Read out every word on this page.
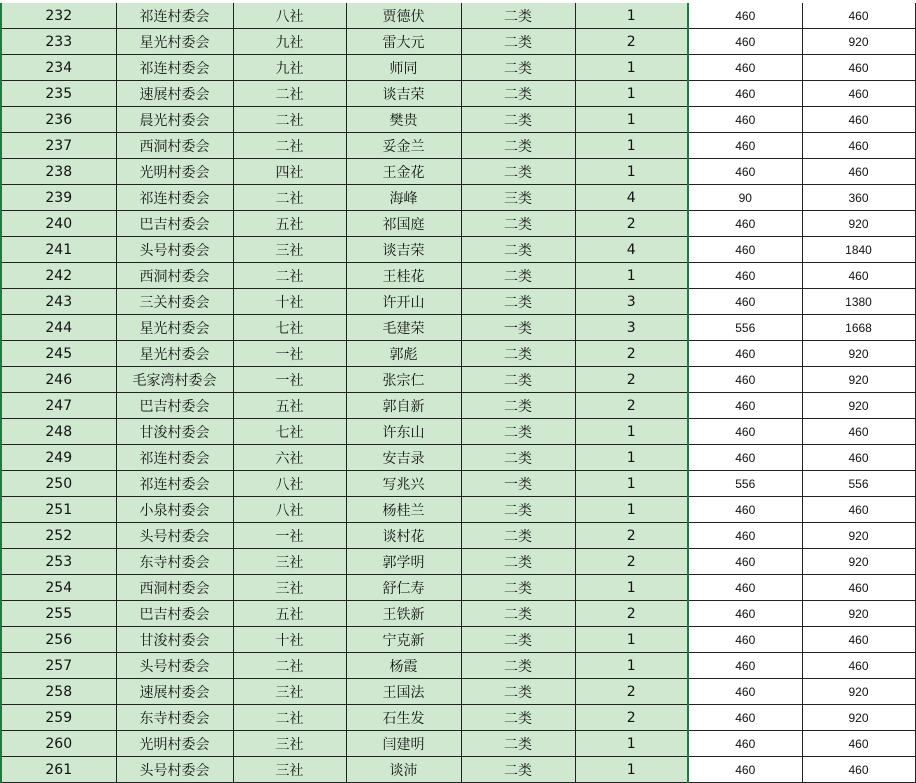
232	祁连村委会	八社	贾德伏	二类	1	460	460
233	星光村委会	九社	雷大元	二类	2	460	920
234	祁连村委会	九社	师同	二类	1	460	460
235	速展村委会	二社	谈吉荣	二类	1	460	460
236	晨光村委会	二社	樊贵	二类	1	460	460
237	西洞村委会	二社	妥金兰	二类	1	460	460
238	光明村委会	四社	王金花	二类	1	460	460
239	祁连村委会	二社	海峰	三类	4	90	360
240	巴吉村委会	五社	祁国庭	二类	2	460	920
241	头号村委会	三社	谈吉荣	二类	4	460	1840
242	西洞村委会	二社	王桂花	二类	1	460	460
243	三关村委会	十社	许开山	二类	3	460	1380
244	星光村委会	七社	毛建荣	一类	3	556	1668
245	星光村委会	一社	郭彪	二类	2	460	920
246	毛家湾村委会	一社	张宗仁	二类	2	460	920
247	巴吉村委会	五社	郭自新	二类	2	460	920
248	甘浚村委会	七社	许东山	二类	1	460	460
249	祁连村委会	六社	安吉录	二类	1	460	460
250	祁连村委会	八社	写兆兴	一类	1	556	556
251	小泉村委会	八社	杨桂兰	二类	1	460	460
252	头号村委会	一社	谈村花	二类	2	460	920
253	东寺村委会	三社	郭学明	二类	2	460	920
254	西洞村委会	三社	舒仁寿	二类	1	460	460
255	巴吉村委会	五社	王铁新	二类	2	460	920
256	甘浚村委会	十社	宁克新	二类	1	460	460
257	头号村委会	二社	杨霞	二类	1	460	460
258	速展村委会	三社	王国法	二类	2	460	920
259	东寺村委会	二社	石生发	二类	2	460	920
260	光明村委会	三社	闫建明	二类	1	460	460
261	头号村委会	三社	谈沛	二类	1	460	460
